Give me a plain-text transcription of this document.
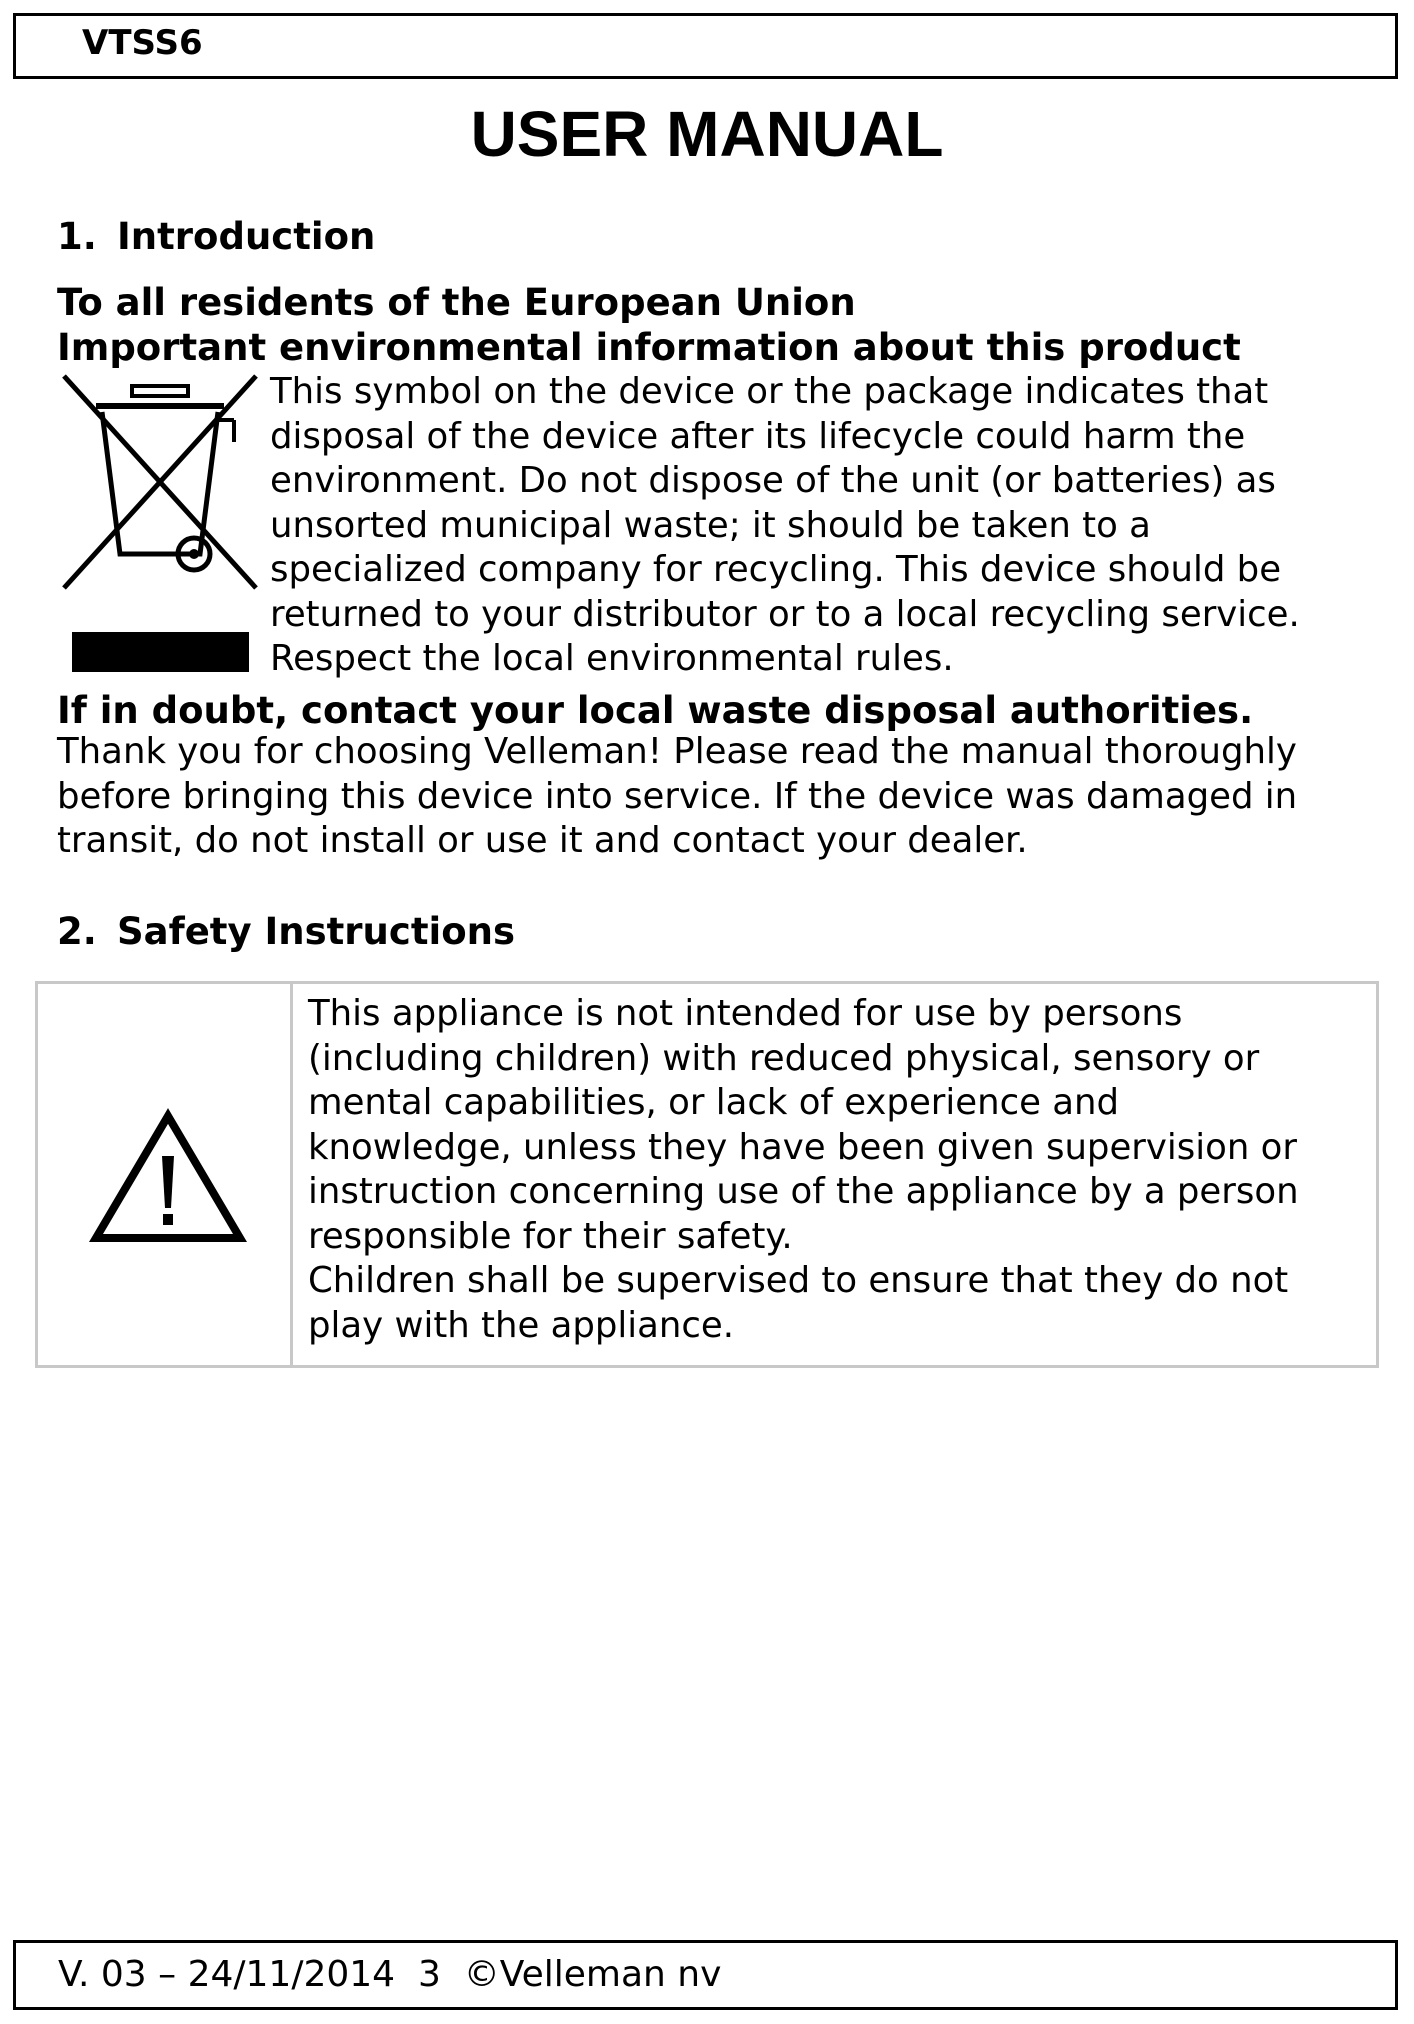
VTSS6
USER MANUAL
1. Introduction
To all residents of the European Union
Important environmental information about this product
This symbol on the device or the package indicates that
disposal of the device after its lifecycle could harm the
environment. Do not dispose of the unit (or batteries) as
unsorted municipal waste; it should be taken to a
specialized company for recycling. This device should be
returned to your distributor or to a local recycling service.
Respect the local environmental rules.
If in doubt, contact your local waste disposal authorities.
Thank you for choosing Velleman! Please read the manual thoroughly
before bringing this device into service. If the device was damaged in
transit, do not install or use it and contact your dealer.
2. Safety Instructions
This appliance is not intended for use by persons
(including children) with reduced physical, sensory or
mental capabilities, or lack of experience and
knowledge, unless they have been given supervision or
instruction concerning use of the appliance by a person
responsible for their safety.
Children shall be supervised to ensure that they do not
play with the appliance.
V. 03 – 24/11/2014  3  ©Velleman nv
